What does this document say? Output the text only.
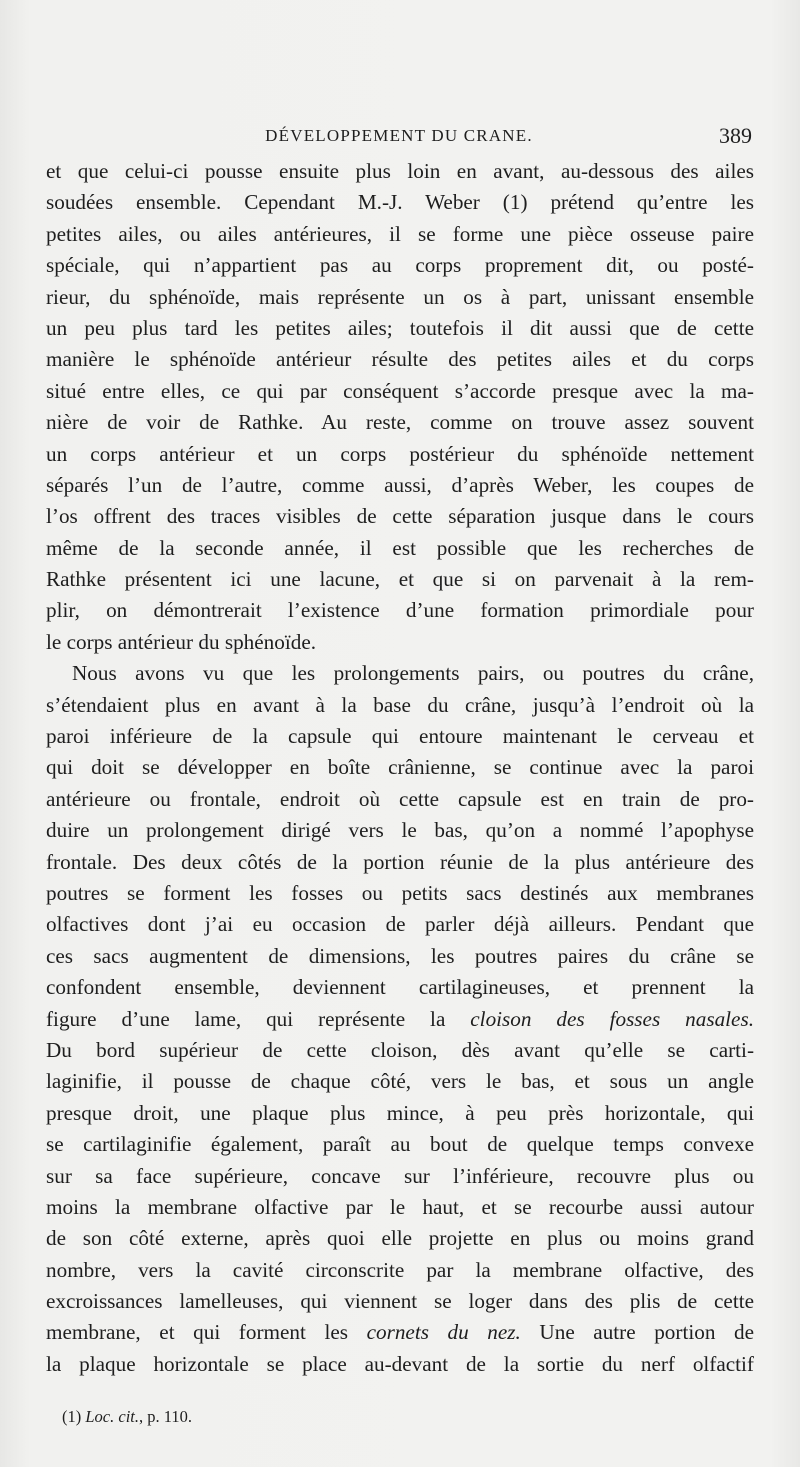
DÉVELOPPEMENT DU CRANE.	389
et que celui-ci pousse ensuite plus loin en avant, au-dessous des ailes
soudées ensemble. Cependant M.-J. Weber (1) prétend qu’entre les
petites ailes, ou ailes antérieures, il se forme une pièce osseuse paire
spéciale, qui n’appartient pas au corps proprement dit, ou posté-
rieur, du sphénoïde, mais représente un os à part, unissant ensemble
un peu plus tard les petites ailes; toutefois il dit aussi que de cette
manière le sphénoïde antérieur résulte des petites ailes et du corps
situé entre elles, ce qui par conséquent s’accorde presque avec la ma-
nière de voir de Rathke. Au reste, comme on trouve assez souvent
un corps antérieur et un corps postérieur du sphénoïde nettement
séparés l’un de l’autre, comme aussi, d’après Weber, les coupes de
l’os offrent des traces visibles de cette séparation jusque dans le cours
même de la seconde année, il est possible que les recherches de
Rathke présentent ici une lacune, et que si on parvenait à la rem-
plir, on démontrerait l’existence d’une formation primordiale pour
le corps antérieur du sphénoïde.
Nous avons vu que les prolongements pairs, ou poutres du crâne,
s’étendaient plus en avant à la base du crâne, jusqu’à l’endroit où la
paroi inférieure de la capsule qui entoure maintenant le cerveau et
qui doit se développer en boîte crânienne, se continue avec la paroi
antérieure ou frontale, endroit où cette capsule est en train de pro-
duire un prolongement dirigé vers le bas, qu’on a nommé l’apophyse
frontale. Des deux côtés de la portion réunie de la plus antérieure des
poutres se forment les fosses ou petits sacs destinés aux membranes
olfactives dont j’ai eu occasion de parler déjà ailleurs. Pendant que
ces sacs augmentent de dimensions, les poutres paires du crâne se
confondent ensemble, deviennent cartilagineuses, et prennent la
figure d’une lame, qui représente la cloison des fosses nasales.
Du bord supérieur de cette cloison, dès avant qu’elle se carti-
laginifie, il pousse de chaque côté, vers le bas, et sous un angle
presque droit, une plaque plus mince, à peu près horizontale, qui
se cartilaginifie également, paraît au bout de quelque temps convexe
sur sa face supérieure, concave sur l’inférieure, recouvre plus ou
moins la membrane olfactive par le haut, et se recourbe aussi autour
de son côté externe, après quoi elle projette en plus ou moins grand
nombre, vers la cavité circonscrite par la membrane olfactive, des
excroissances lamelleuses, qui viennent se loger dans des plis de cette
membrane, et qui forment les cornets du nez. Une autre portion de
la plaque horizontale se place au-devant de la sortie du nerf olfactif
(1) Loc. cit., p. 110.
